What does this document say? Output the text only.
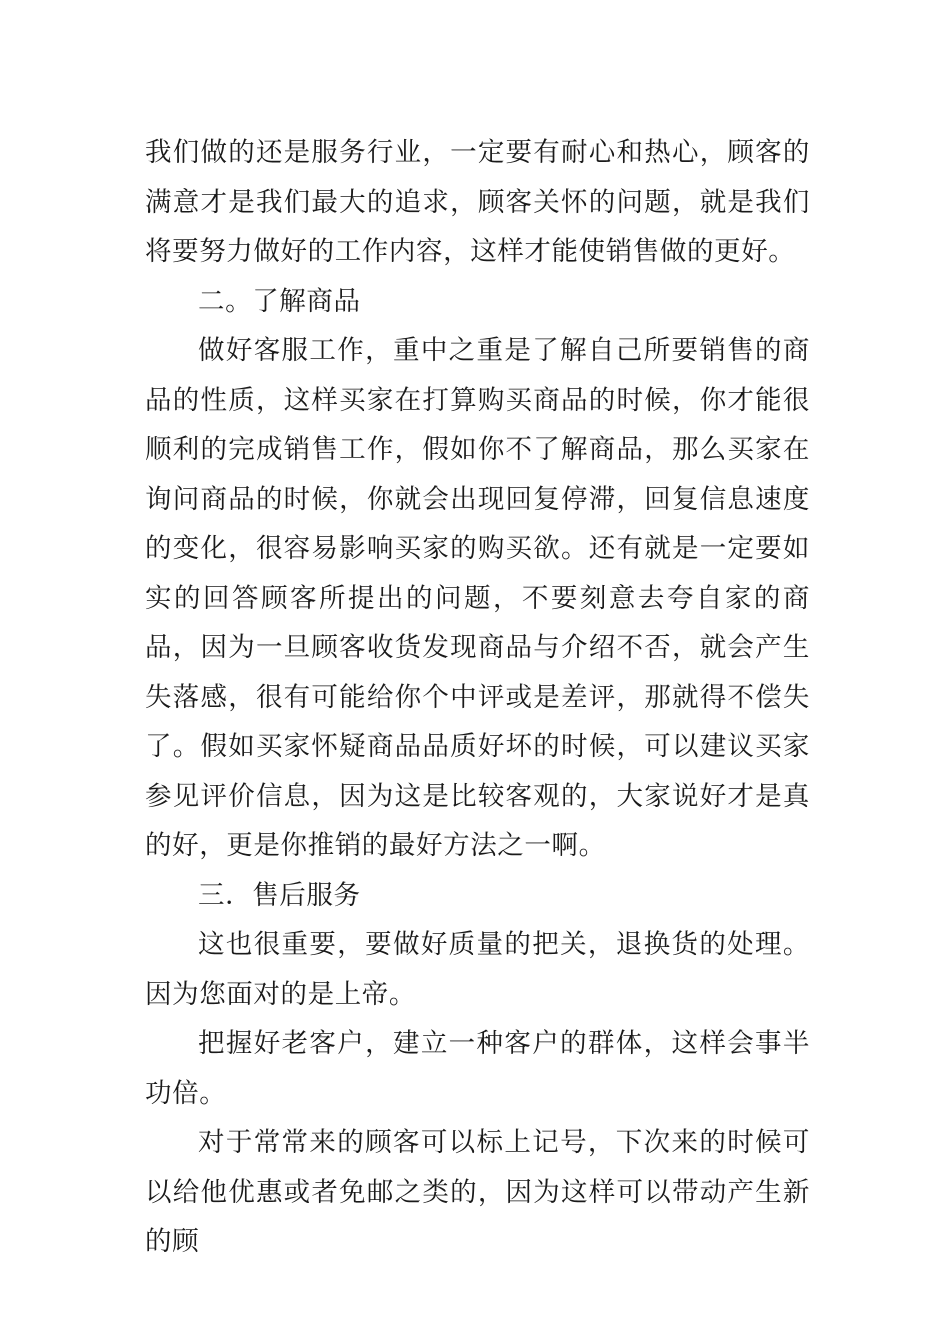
我们做的还是服务行业，一定要有耐心和热心，顾客的满意才是我们最大的追求，顾客关怀的问题，就是我们将要努力做好的工作内容，这样才能使销售做的更好。

二。了解商品

做好客服工作，重中之重是了解自己所要销售的商品的性质，这样买家在打算购买商品的时候，你才能很顺利的完成销售工作，假如你不了解商品，那么买家在询问商品的时候，你就会出现回复停滞，回复信息速度的变化，很容易影响买家的购买欲。还有就是一定要如实的回答顾客所提出的问题，不要刻意去夸自家的商品，因为一旦顾客收货发现商品与介绍不否，就会产生失落感，很有可能给你个中评或是差评，那就得不偿失了。假如买家怀疑商品品质好坏的时候，可以建议买家参见评价信息，因为这是比较客观的，大家说好才是真的好，更是你推销的最好方法之一啊。

三．售后服务

这也很重要，要做好质量的把关，退换货的处理。因为您面对的是上帝。

把握好老客户，建立一种客户的群体，这样会事半功倍。

对于常常来的顾客可以标上记号，下次来的时候可以给他优惠或者免邮之类的，因为这样可以带动产生新的顾
